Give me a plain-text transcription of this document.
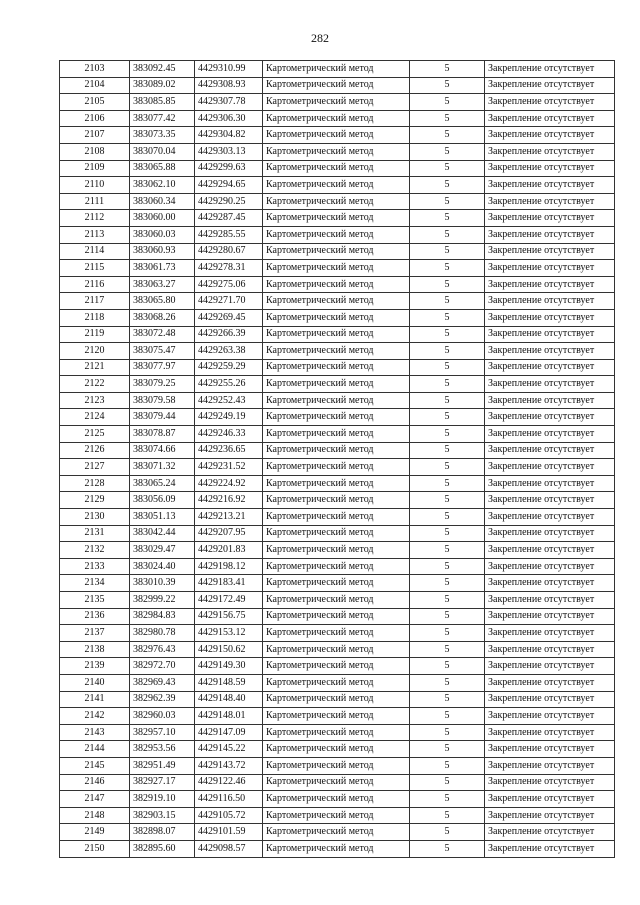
282
2103	383092.45	4429310.99	Картометрический метод	5	Закрепление отсутствует
2104	383089.02	4429308.93	Картометрический метод	5	Закрепление отсутствует
2105	383085.85	4429307.78	Картометрический метод	5	Закрепление отсутствует
2106	383077.42	4429306.30	Картометрический метод	5	Закрепление отсутствует
2107	383073.35	4429304.82	Картометрический метод	5	Закрепление отсутствует
2108	383070.04	4429303.13	Картометрический метод	5	Закрепление отсутствует
2109	383065.88	4429299.63	Картометрический метод	5	Закрепление отсутствует
2110	383062.10	4429294.65	Картометрический метод	5	Закрепление отсутствует
2111	383060.34	4429290.25	Картометрический метод	5	Закрепление отсутствует
2112	383060.00	4429287.45	Картометрический метод	5	Закрепление отсутствует
2113	383060.03	4429285.55	Картометрический метод	5	Закрепление отсутствует
2114	383060.93	4429280.67	Картометрический метод	5	Закрепление отсутствует
2115	383061.73	4429278.31	Картометрический метод	5	Закрепление отсутствует
2116	383063.27	4429275.06	Картометрический метод	5	Закрепление отсутствует
2117	383065.80	4429271.70	Картометрический метод	5	Закрепление отсутствует
2118	383068.26	4429269.45	Картометрический метод	5	Закрепление отсутствует
2119	383072.48	4429266.39	Картометрический метод	5	Закрепление отсутствует
2120	383075.47	4429263.38	Картометрический метод	5	Закрепление отсутствует
2121	383077.97	4429259.29	Картометрический метод	5	Закрепление отсутствует
2122	383079.25	4429255.26	Картометрический метод	5	Закрепление отсутствует
2123	383079.58	4429252.43	Картометрический метод	5	Закрепление отсутствует
2124	383079.44	4429249.19	Картометрический метод	5	Закрепление отсутствует
2125	383078.87	4429246.33	Картометрический метод	5	Закрепление отсутствует
2126	383074.66	4429236.65	Картометрический метод	5	Закрепление отсутствует
2127	383071.32	4429231.52	Картометрический метод	5	Закрепление отсутствует
2128	383065.24	4429224.92	Картометрический метод	5	Закрепление отсутствует
2129	383056.09	4429216.92	Картометрический метод	5	Закрепление отсутствует
2130	383051.13	4429213.21	Картометрический метод	5	Закрепление отсутствует
2131	383042.44	4429207.95	Картометрический метод	5	Закрепление отсутствует
2132	383029.47	4429201.83	Картометрический метод	5	Закрепление отсутствует
2133	383024.40	4429198.12	Картометрический метод	5	Закрепление отсутствует
2134	383010.39	4429183.41	Картометрический метод	5	Закрепление отсутствует
2135	382999.22	4429172.49	Картометрический метод	5	Закрепление отсутствует
2136	382984.83	4429156.75	Картометрический метод	5	Закрепление отсутствует
2137	382980.78	4429153.12	Картометрический метод	5	Закрепление отсутствует
2138	382976.43	4429150.62	Картометрический метод	5	Закрепление отсутствует
2139	382972.70	4429149.30	Картометрический метод	5	Закрепление отсутствует
2140	382969.43	4429148.59	Картометрический метод	5	Закрепление отсутствует
2141	382962.39	4429148.40	Картометрический метод	5	Закрепление отсутствует
2142	382960.03	4429148.01	Картометрический метод	5	Закрепление отсутствует
2143	382957.10	4429147.09	Картометрический метод	5	Закрепление отсутствует
2144	382953.56	4429145.22	Картометрический метод	5	Закрепление отсутствует
2145	382951.49	4429143.72	Картометрический метод	5	Закрепление отсутствует
2146	382927.17	4429122.46	Картометрический метод	5	Закрепление отсутствует
2147	382919.10	4429116.50	Картометрический метод	5	Закрепление отсутствует
2148	382903.15	4429105.72	Картометрический метод	5	Закрепление отсутствует
2149	382898.07	4429101.59	Картометрический метод	5	Закрепление отсутствует
2150	382895.60	4429098.57	Картометрический метод	5	Закрепление отсутствует
